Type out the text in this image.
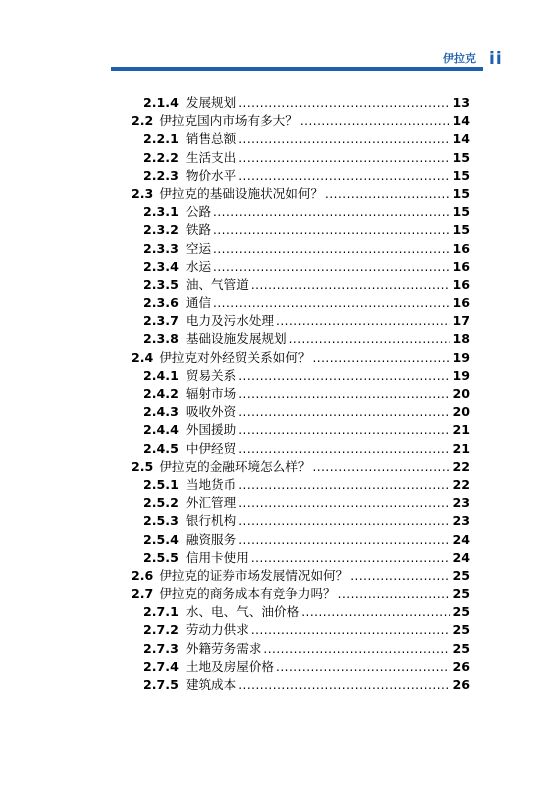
伊拉克 ii
2.1.4 发展规划 .....	13
2.2 伊拉克国内市场有多大？ .....	14
2.2.1 销售总额 .....	14
2.2.2 生活支出 .....	15
2.2.3 物价水平 .....	15
2.3 伊拉克的基础设施状况如何？ .....	15
2.3.1 公路 .....	15
2.3.2 铁路 .....	15
2.3.3 空运 .....	16
2.3.4 水运 .....	16
2.3.5 油、气管道 .....	16
2.3.6 通信 .....	16
2.3.7 电力及污水处理 .....	17
2.3.8 基础设施发展规划 .....	18
2.4 伊拉克对外经贸关系如何？ .....	19
2.4.1 贸易关系 .....	19
2.4.2 辐射市场 .....	20
2.4.3 吸收外资 .....	20
2.4.4 外国援助 .....	21
2.4.5 中伊经贸 .....	21
2.5 伊拉克的金融环境怎么样？ .....	22
2.5.1 当地货币 .....	22
2.5.2 外汇管理 .....	23
2.5.3 银行机构 .....	23
2.5.4 融资服务 .....	24
2.5.5 信用卡使用 .....	24
2.6 伊拉克的证券市场发展情况如何？ .....	25
2.7 伊拉克的商务成本有竞争力吗？ .....	25
2.7.1 水、电、气、油价格 .....	25
2.7.2 劳动力供求 .....	25
2.7.3 外籍劳务需求 .....	25
2.7.4 土地及房屋价格 .....	26
2.7.5 建筑成本 .....	26
